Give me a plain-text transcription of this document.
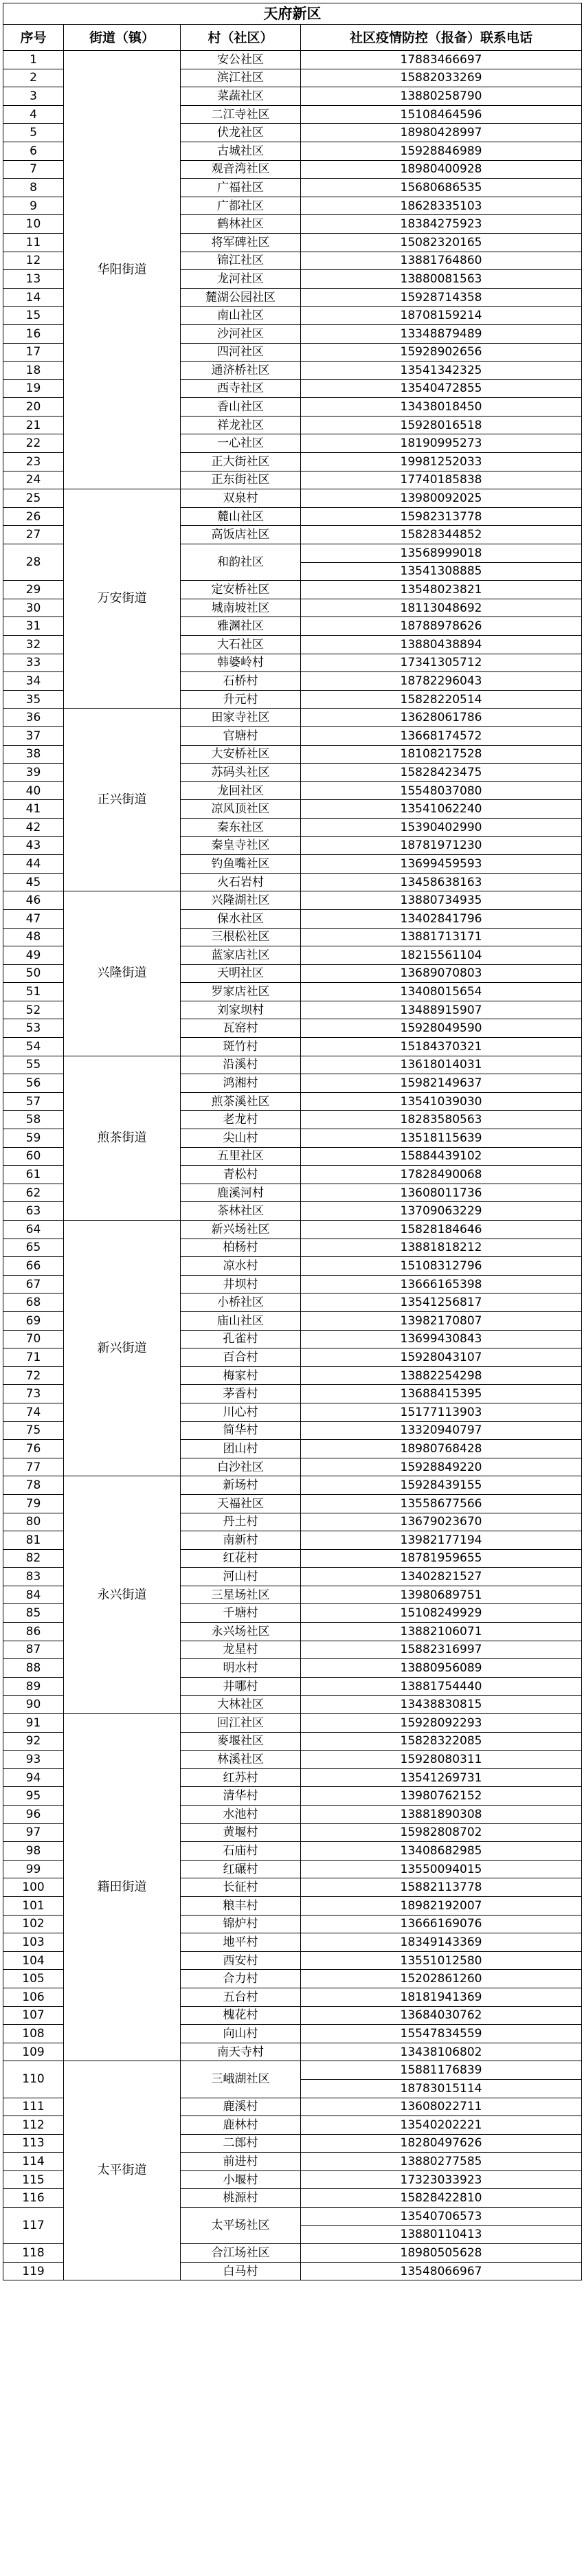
天府新区			
序号	街道（镇）	村（社区）	社区疫情防控（报备）联系电话
1	华阳街道	安公社区	17883466697
2		滨江社区	15882033269
3		菜蔬社区	13880258790
4		二江寺社区	15108464596
5		伏龙社区	18980428997
6		古城社区	15928846989
7		观音湾社区	18980400928
8		广福社区	15680686535
9		广都社区	18628335103
10		鹤林社区	18384275923
11		将军碑社区	15082320165
12		锦江社区	13881764860
13		龙河社区	13880081563
14		麓湖公园社区	15928714358
15		南山社区	18708159214
16		沙河社区	13348879489
17		四河社区	15928902656
18		通济桥社区	13541342325
19		西寺社区	13540472855
20		香山社区	13438018450
21		祥龙社区	15928016518
22		一心社区	18190995273
23		正大街社区	19981252033
24		正东街社区	17740185838
25	万安街道	双泉村	13980092025
26		麓山社区	15982313778
27		高饭店社区	15828344852
28		和韵社区	13568999018
			13541308885
29		定安桥社区	13548023821
30		城南坡社区	18113048692
31		雅渊社区	18788978626
32		大石社区	13880438894
33		韩婆岭村	17341305712
34		石桥村	18782296043
35		升元村	15828220514
36	正兴街道	田家寺社区	13628061786
37		官塘村	13668174572
38		大安桥社区	18108217528
39		苏码头社区	15828423475
40		龙回社区	15548037080
41		凉风顶社区	13541062240
42		秦东社区	15390402990
43		秦皇寺社区	18781971230
44		钓鱼嘴社区	13699459593
45		火石岩村	13458638163
46	兴隆街道	兴隆湖社区	13880734935
47		保水社区	13402841796
48		三根松社区	13881713171
49		蓝家店社区	18215561104
50		天明社区	13689070803
51		罗家店社区	13408015654
52		刘家坝村	13488915907
53		瓦窑村	15928049590
54		斑竹村	15184370321
55	煎茶街道	沿溪村	13618014031
56		鸿湘村	15982149637
57		煎茶溪社区	13541039030
58		老龙村	18283580563
59		尖山村	13518115639
60		五里社区	15884439102
61		青松村	17828490068
62		鹿溪河村	13608011736
63		茶林社区	13709063229
64	新兴街道	新兴场社区	15828184646
65		柏杨村	13881818212
66		凉水村	15108312796
67		井坝村	13666165398
68		小桥社区	13541256817
69		庙山社区	13982170807
70		孔雀村	13699430843
71		百合村	15928043107
72		梅家村	13882254298
73		茅香村	13688415395
74		川心村	15177113903
75		简华村	13320940797
76		团山村	18980768428
77		白沙社区	15928849220
78	永兴街道	新场村	15928439155
79		天福社区	13558677566
80		丹土村	13679023670
81		南新村	13982177194
82		红花村	18781959655
83		河山村	13402821527
84		三星场社区	13980689751
85		千塘村	15108249929
86		永兴场社区	13882106071
87		龙星村	15882316997
88		明水村	13880956089
89		井哪村	13881754440
90		大林社区	13438830815
91	籍田街道	回江社区	15928092293
92		麥堰社区	15828322085
93		林溪社区	15928080311
94		红苏村	13541269731
95		清华村	13980762152
96		水池村	13881890308
97		黄堰村	15982808702
98		石庙村	13408682985
99		红碾村	13550094015
100		长征村	15882113778
101		粮丰村	18982192007
102		锦炉村	13666169076
103		地平村	18349143369
104		西安村	13551012580
105		合力村	15202861260
106		五台村	18181941369
107		槐花村	13684030762
108		向山村	15547834559
109		南天寺村	13438106802
110	太平街道	三峨湖社区	15881176839
			18783015114
111		鹿溪村	13608022711
112		鹿林村	13540202221
113		二郎村	18280497626
114		前进村	13880277585
115		小堰村	17323033923
116		桃源村	15828422810
117		太平场社区	13540706573
			13880110413
118		合江场社区	18980505628
119		白马村	13548066967
